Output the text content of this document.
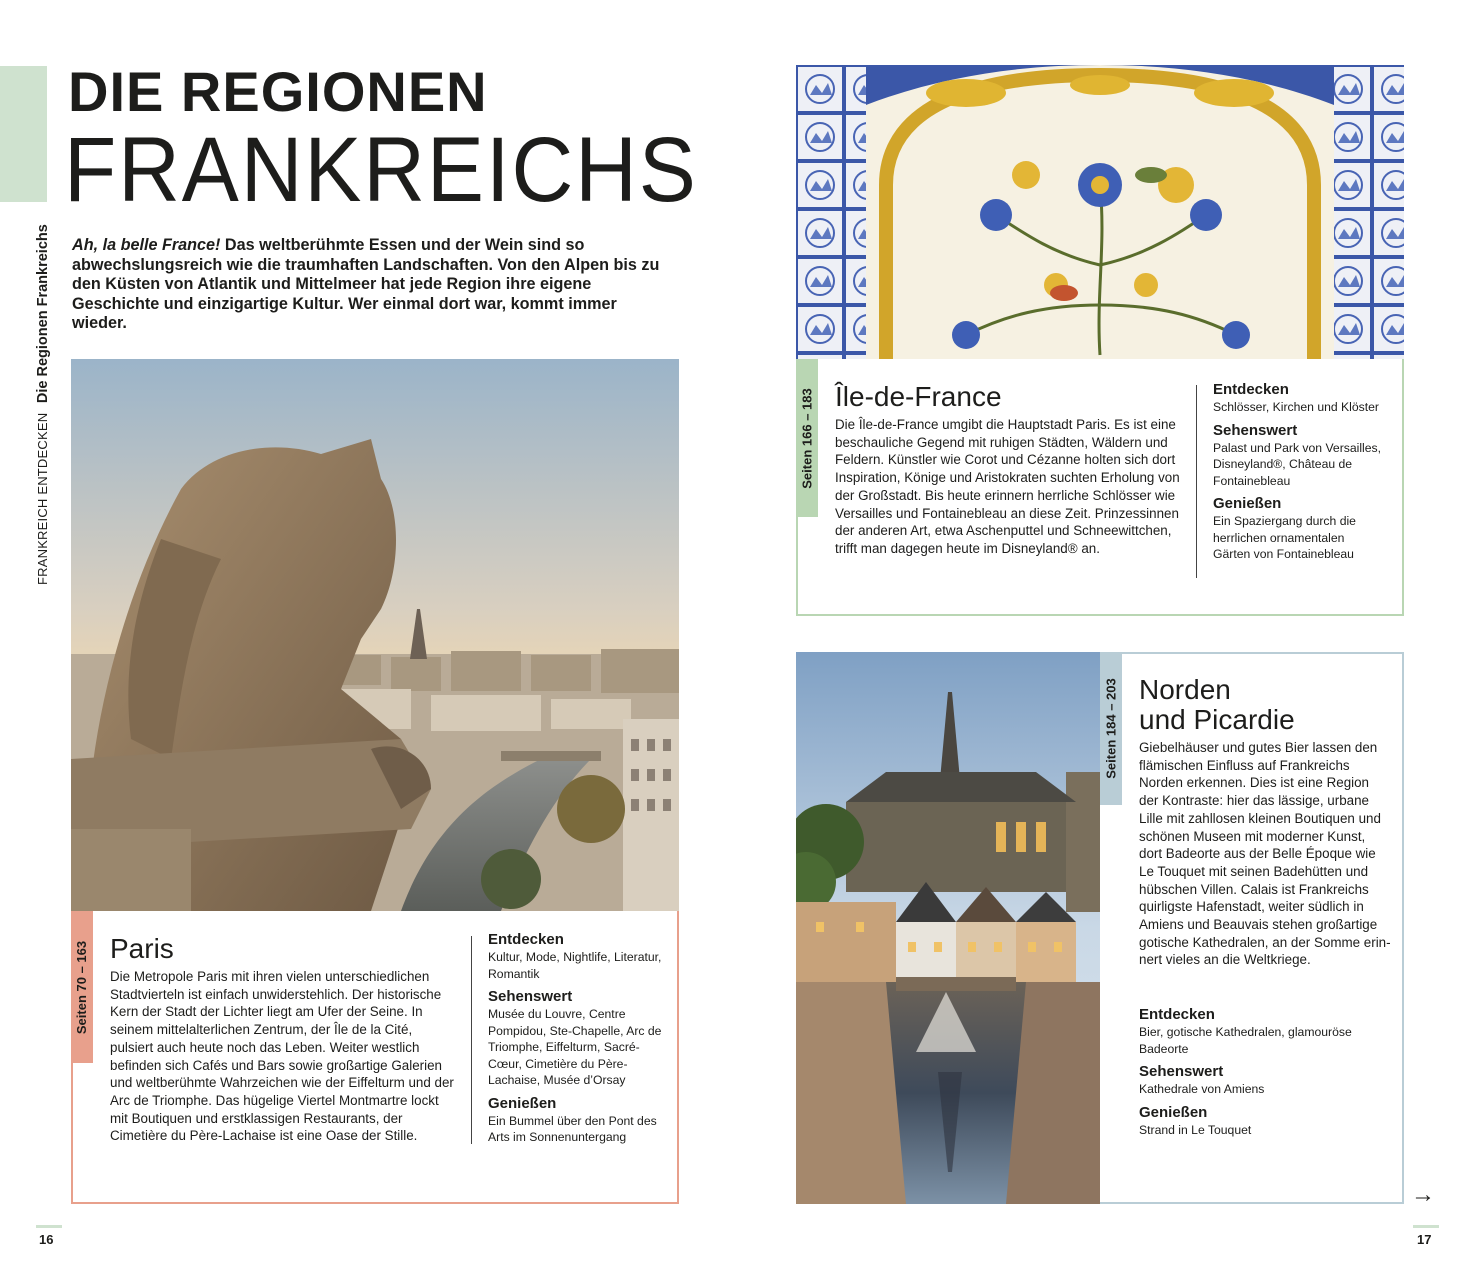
FRANKREICH ENTDECKEN Die Regionen Frankreichs
DIE REGIONEN
FRANKREICHS

Ah, la belle France! Das weltberühmte Essen und der Wein sind so abwechslungsreich wie die traumhaften Landschaften. Von den Alpen bis zu den Küsten von Atlantik und Mittelmeer hat jede Region ihre eigene Geschichte und einzigartige Kultur. Wer einmal dort war, kommt immer wieder.

Seiten 70 – 163 Paris
Die Metropole Paris mit ihren vielen unterschiedlichen Stadtvierteln ist einfach unwiderstehlich. Der historische Kern der Stadt der Lichter liegt am Ufer der Seine. In seinem mittelalterlichen Zentrum, der Île de la Cité, pulsiert auch heute noch das Leben. Weiter westlich befinden sich Cafés und Bars sowie großartige Galerien und weltberühmte Wahrzeichen wie der Eiffelturm und der Arc de Triomphe. Das hügelige Viertel Montmartre lockt mit Boutiquen und erstklassigen Restaurants, der Cimetière du Père-Lachaise ist eine Oase der Stille.
Entdecken
Kultur, Mode, Nightlife, Literatur, Romantik
Sehenswert
Musée du Louvre, Centre Pompidou, Ste-Chapelle, Arc de Triomphe, Eiffelturm, Sacré-Cœur, Cimetière du Père-Lachaise, Musée d’Orsay
Genießen
Ein Bummel über den Pont des Arts im Sonnenuntergang
Seiten 166 – 183 Île-de-France
Die Île-de-France umgibt die Hauptstadt Paris. Es ist eine beschauliche Gegend mit ruhigen Städten, Wäldern und Feldern. Künstler wie Corot und Cézanne holten sich dort Inspiration, Könige und Aristokraten suchten Erholung von der Großstadt. Bis heute erinnern herrliche Schlösser wie Versailles und Fontainebleau an diese Zeit. Prinzessinnen der anderen Art, etwa Aschenputtel und Schneewittchen, trifft man dagegen heute im Disneyland® an.
Entdecken
Schlösser, Kirchen und Klöster
Sehenswert
Palast und Park von Versailles, Disneyland®, Château de Fontainebleau
Genießen
Ein Spaziergang durch die herrlichen ornamentalen Gärten von Fontainebleau
Seiten 184 – 203 Norden
und Picardie
Giebelhäuser und gutes Bier lassen den flämischen Einfluss auf Frankreichs Norden erkennen. Dies ist eine Region der Kontraste: hier das lässige, urbane Lille mit zahllosen kleinen Boutiquen und schönen Museen mit moderner Kunst, dort Badeorte aus der Belle Époque wie Le Touquet mit seinen Badehütten und hübschen Villen. Calais ist Frankreichs quirligste Hafenstadt, weiter südlich in Amiens und Beauvais stehen großartige gotische Kathedralen, an der Somme erinnert vieles an die Weltkriege.
Entdecken
Bier, gotische Kathedralen, glamouröse Badeorte
Sehenswert
Kathedrale von Amiens
Genießen
Strand in Le Touquet
→
16	17
